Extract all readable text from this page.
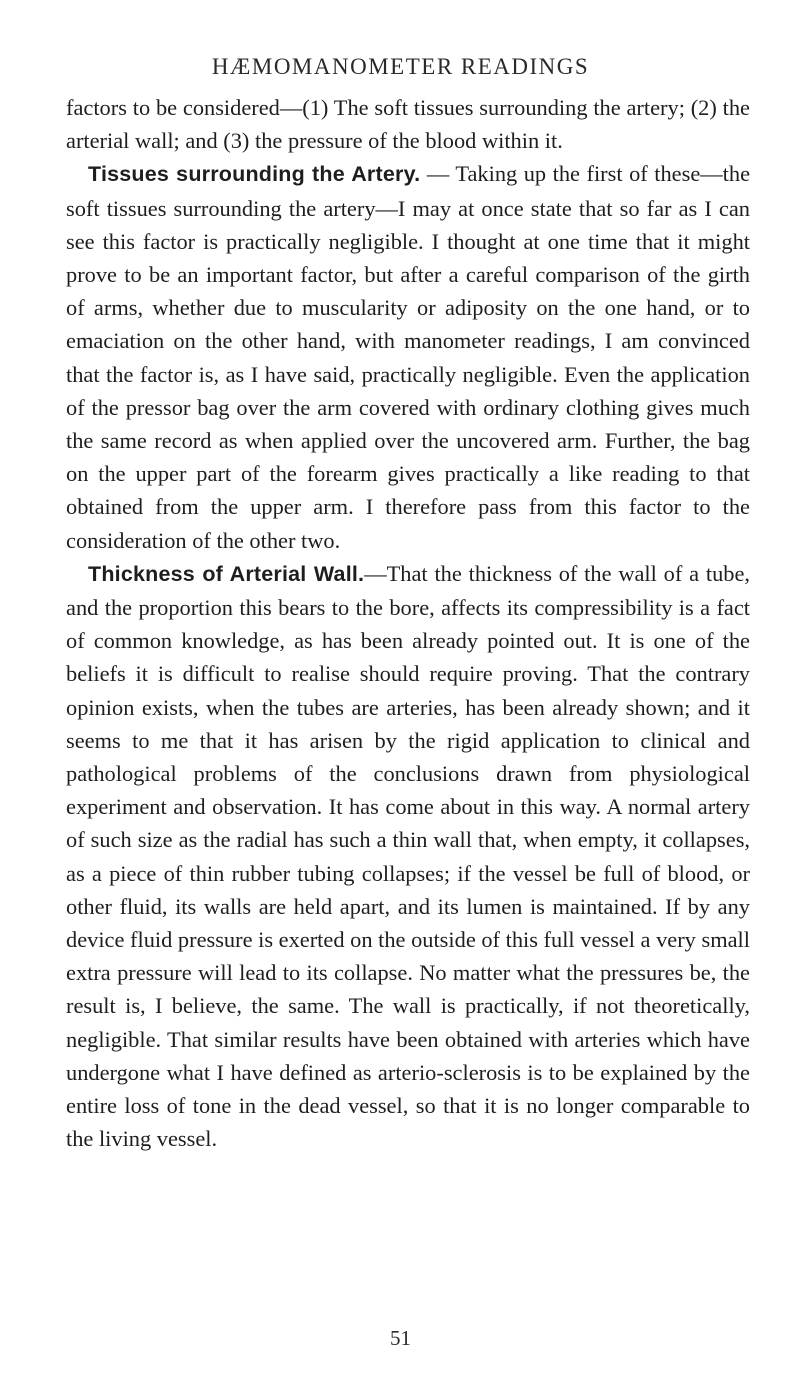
HÆMOMANOMETER READINGS

factors to be considered—(1) The soft tissues surrounding the artery; (2) the arterial wall; and (3) the pressure of the blood within it.

Tissues surrounding the Artery. — Taking up the first of these—the soft tissues surrounding the artery—I may at once state that so far as I can see this factor is practically negligible. I thought at one time that it might prove to be an important factor, but after a careful comparison of the girth of arms, whether due to muscularity or adiposity on the one hand, or to emaciation on the other hand, with manometer readings, I am convinced that the factor is, as I have said, practically negligible. Even the application of the pressor bag over the arm covered with ordinary clothing gives much the same record as when applied over the uncovered arm. Further, the bag on the upper part of the forearm gives practically a like reading to that obtained from the upper arm. I therefore pass from this factor to the consideration of the other two.

Thickness of Arterial Wall.—That the thickness of the wall of a tube, and the proportion this bears to the bore, affects its compressibility is a fact of common knowledge, as has been already pointed out. It is one of the beliefs it is difficult to realise should require proving. That the contrary opinion exists, when the tubes are arteries, has been already shown; and it seems to me that it has arisen by the rigid application to clinical and pathological problems of the conclusions drawn from physiological experiment and observation. It has come about in this way. A normal artery of such size as the radial has such a thin wall that, when empty, it collapses, as a piece of thin rubber tubing collapses; if the vessel be full of blood, or other fluid, its walls are held apart, and its lumen is maintained. If by any device fluid pressure is exerted on the outside of this full vessel a very small extra pressure will lead to its collapse. No matter what the pressures be, the result is, I believe, the same. The wall is practically, if not theoretically, negligible. That similar results have been obtained with arteries which have undergone what I have defined as arterio-sclerosis is to be explained by the entire loss of tone in the dead vessel, so that it is no longer comparable to the living vessel.

51
